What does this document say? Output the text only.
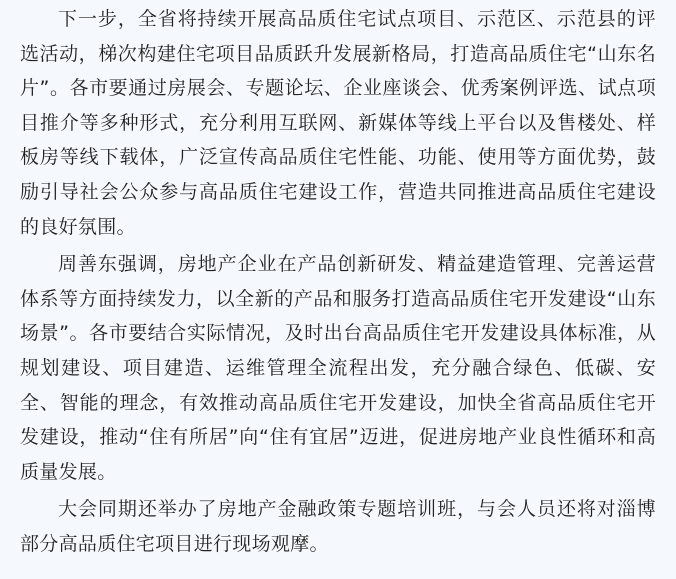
下一步，全省将持续开展高品质住宅试点项目、示范区、示范县的评选活动，梯次构建住宅项目品质跃升发展新格局，打造高品质住宅“山东名片”。各市要通过房展会、专题论坛、企业座谈会、优秀案例评选、试点项目推介等多种形式，充分利用互联网、新媒体等线上平台以及售楼处、样板房等线下载体，广泛宣传高品质住宅性能、功能、使用等方面优势，鼓励引导社会公众参与高品质住宅建设工作，营造共同推进高品质住宅建设的良好氛围。

周善东强调，房地产企业在产品创新研发、精益建造管理、完善运营体系等方面持续发力，以全新的产品和服务打造高品质住宅开发建设“山东场景”。各市要结合实际情况，及时出台高品质住宅开发建设具体标准，从规划建设、项目建造、运维管理全流程出发，充分融合绿色、低碳、安全、智能的理念，有效推动高品质住宅开发建设，加快全省高品质住宅开发建设，推动“住有所居”向“住有宜居”迈进，促进房地产业良性循环和高质量发展。

大会同期还举办了房地产金融政策专题培训班，与会人员还将对淄博部分高品质住宅项目进行现场观摩。
